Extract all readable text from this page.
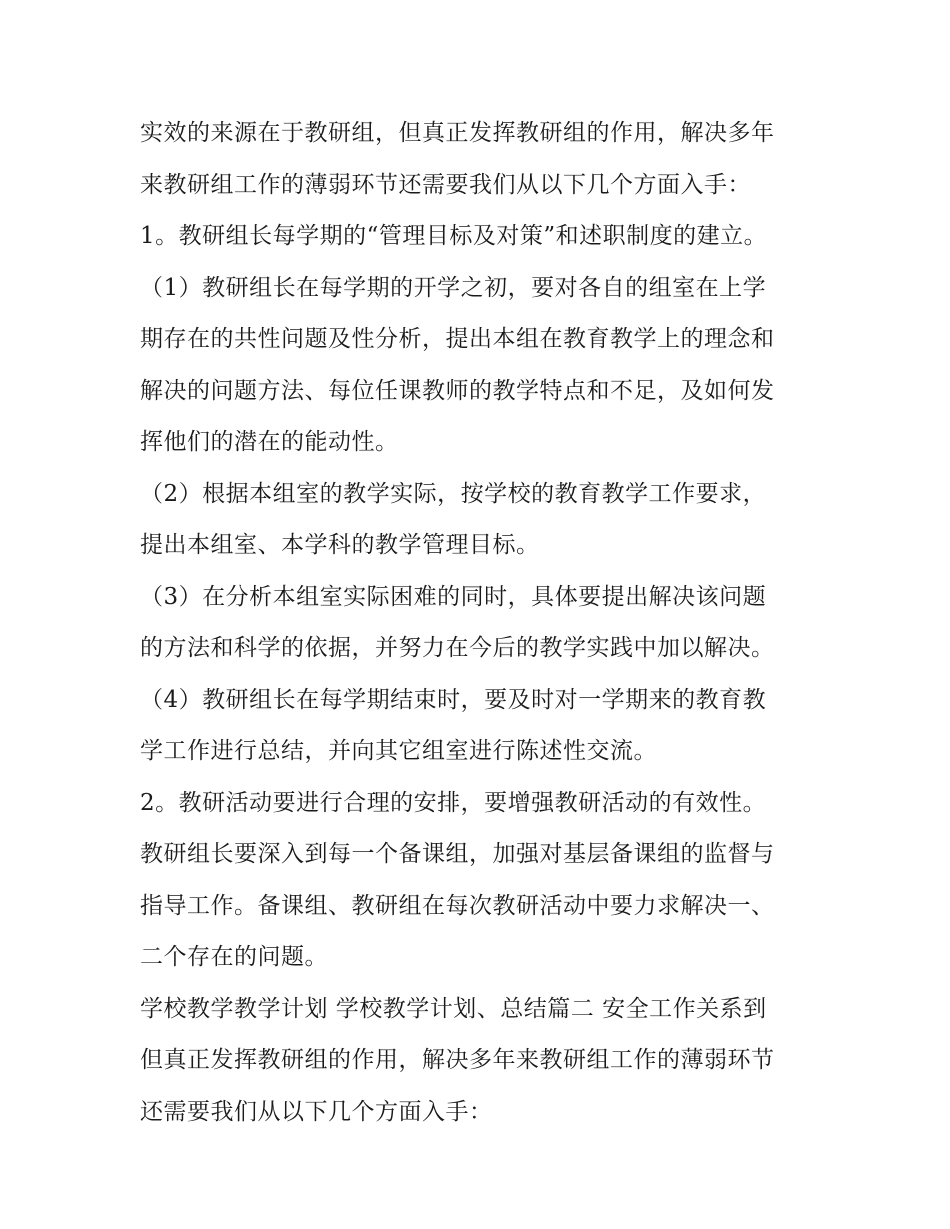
实效的来源在于教研组，但真正发挥教研组的作用，解决多年
来教研组工作的薄弱环节还需要我们从以下几个方面入手：
1。教研组长每学期的“管理目标及对策”和述职制度的建立。
（1）教研组长在每学期的开学之初，要对各自的组室在上学
期存在的共性问题及性分析，提出本组在教育教学上的理念和
解决的问题方法、每位任课教师的教学特点和不足，及如何发
挥他们的潜在的能动性。
（2）根据本组室的教学实际，按学校的教育教学工作要求，
提出本组室、本学科的教学管理目标。
（3）在分析本组室实际困难的同时，具体要提出解决该问题
的方法和科学的依据，并努力在今后的教学实践中加以解决。
（4）教研组长在每学期结束时，要及时对一学期来的教育教
学工作进行总结，并向其它组室进行陈述性交流。
2。教研活动要进行合理的安排，要增强教研活动的有效性。
教研组长要深入到每一个备课组，加强对基层备课组的监督与
指导工作。备课组、教研组在每次教研活动中要力求解决一、
二个存在的问题。
学校教学教学计划 学校教学计划、总结篇二 安全工作关系到
但真正发挥教研组的作用，解决多年来教研组工作的薄弱环节
还需要我们从以下几个方面入手：
